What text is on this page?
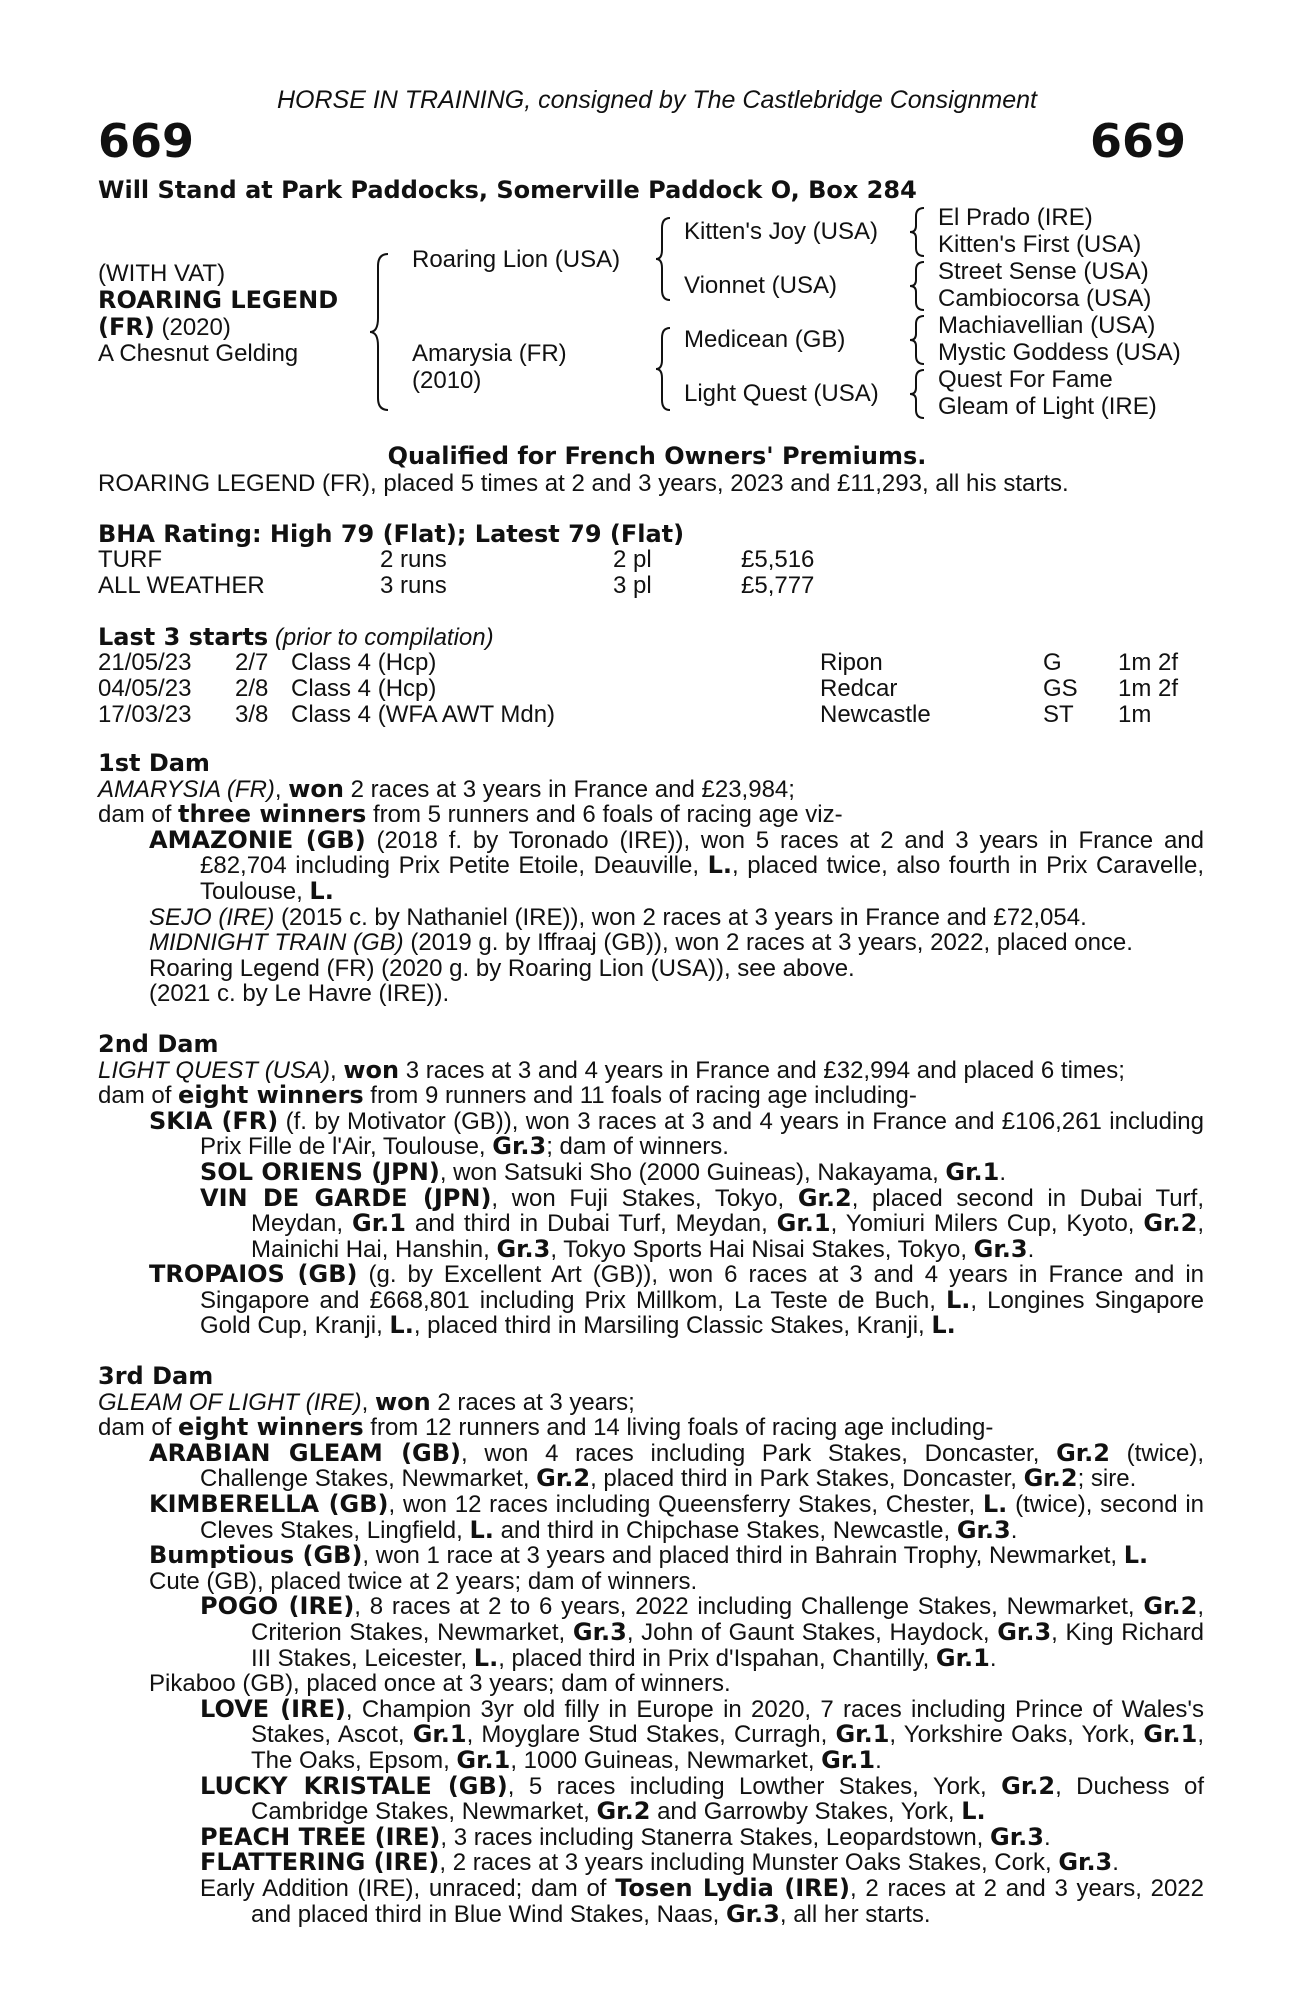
HORSE IN TRAINING, consigned by The Castlebridge Consignment
669	669
Will Stand at Park Paddocks, Somerville Paddock O, Box 284
(WITH VAT)
ROARING LEGEND
(FR) (2020)
A Chesnut Gelding
Roaring Lion (USA)
Amarysia (FR)
(2010)
Kitten's Joy (USA)
Vionnet (USA)
Medicean (GB)
Light Quest (USA)
El Prado (IRE)
Kitten's First (USA)
Street Sense (USA)
Cambiocorsa (USA)
Machiavellian (USA)
Mystic Goddess (USA)
Quest For Fame
Gleam of Light (IRE)
Qualified for French Owners' Premiums.
ROARING LEGEND (FR), placed 5 times at 2 and 3 years, 2023 and £11,293, all his starts.
BHA Rating: High 79 (Flat); Latest 79 (Flat)
TURF	2 runs	2 pl	£5,516
ALL WEATHER	3 runs	3 pl	£5,777
Last 3 starts (prior to compilation)
21/05/23 2/7 Class 4 (Hcp)	Ripon	G 1m 2f
04/05/23 2/8 Class 4 (Hcp)	Redcar	GS 1m 2f
17/03/23 3/8 Class 4 (WFA AWT Mdn)	Newcastle	ST 1m

1st Dam

AMARYSIA (FR), won 2 races at 3 years in France and £23,984;

dam of three winners from 5 runners and 6 foals of racing age viz-

AMAZONIE (GB) (2018 f. by Toronado (IRE)), won 5 races at 2 and 3 years in France and £82,704 including Prix Petite Etoile, Deauville, L., placed twice, also fourth in Prix Caravelle, Toulouse, L.

SEJO (IRE) (2015 c. by Nathaniel (IRE)), won 2 races at 3 years in France and £72,054.

MIDNIGHT TRAIN (GB) (2019 g. by Iffraaj (GB)), won 2 races at 3 years, 2022, placed once.

Roaring Legend (FR) (2020 g. by Roaring Lion (USA)), see above.

(2021 c. by Le Havre (IRE)).

2nd Dam

LIGHT QUEST (USA), won 3 races at 3 and 4 years in France and £32,994 and placed 6 times;

dam of eight winners from 9 runners and 11 foals of racing age including-

SKIA (FR) (f. by Motivator (GB)), won 3 races at 3 and 4 years in France and £106,261 including Prix Fille de l'Air, Toulouse, Gr.3; dam of winners.

SOL ORIENS (JPN), won Satsuki Sho (2000 Guineas), Nakayama, Gr.1.

VIN DE GARDE (JPN), won Fuji Stakes, Tokyo, Gr.2, placed second in Dubai Turf, Meydan, Gr.1 and third in Dubai Turf, Meydan, Gr.1, Yomiuri Milers Cup, Kyoto, Gr.2, Mainichi Hai, Hanshin, Gr.3, Tokyo Sports Hai Nisai Stakes, Tokyo, Gr.3.

TROPAIOS (GB) (g. by Excellent Art (GB)), won 6 races at 3 and 4 years in France and in Singapore and £668,801 including Prix Millkom, La Teste de Buch, L., Longines Singapore Gold Cup, Kranji, L., placed third in Marsiling Classic Stakes, Kranji, L.

3rd Dam

GLEAM OF LIGHT (IRE), won 2 races at 3 years;

dam of eight winners from 12 runners and 14 living foals of racing age including-

ARABIAN GLEAM (GB), won 4 races including Park Stakes, Doncaster, Gr.2 (twice), Challenge Stakes, Newmarket, Gr.2, placed third in Park Stakes, Doncaster, Gr.2; sire.

KIMBERELLA (GB), won 12 races including Queensferry Stakes, Chester, L. (twice), second in Cleves Stakes, Lingfield, L. and third in Chipchase Stakes, Newcastle, Gr.3.

Bumptious (GB), won 1 race at 3 years and placed third in Bahrain Trophy, Newmarket, L.

Cute (GB), placed twice at 2 years; dam of winners.

POGO (IRE), 8 races at 2 to 6 years, 2022 including Challenge Stakes, Newmarket, Gr.2, Criterion Stakes, Newmarket, Gr.3, John of Gaunt Stakes, Haydock, Gr.3, King Richard III Stakes, Leicester, L., placed third in Prix d'Ispahan, Chantilly, Gr.1.

Pikaboo (GB), placed once at 3 years; dam of winners.

LOVE (IRE), Champion 3yr old filly in Europe in 2020, 7 races including Prince of Wales's Stakes, Ascot, Gr.1, Moyglare Stud Stakes, Curragh, Gr.1, Yorkshire Oaks, York, Gr.1, The Oaks, Epsom, Gr.1, 1000 Guineas, Newmarket, Gr.1.

LUCKY KRISTALE (GB), 5 races including Lowther Stakes, York, Gr.2, Duchess of Cambridge Stakes, Newmarket, Gr.2 and Garrowby Stakes, York, L.

PEACH TREE (IRE), 3 races including Stanerra Stakes, Leopardstown, Gr.3.

FLATTERING (IRE), 2 races at 3 years including Munster Oaks Stakes, Cork, Gr.3.

Early Addition (IRE), unraced; dam of Tosen Lydia (IRE), 2 races at 2 and 3 years, 2022 and placed third in Blue Wind Stakes, Naas, Gr.3, all her starts.
